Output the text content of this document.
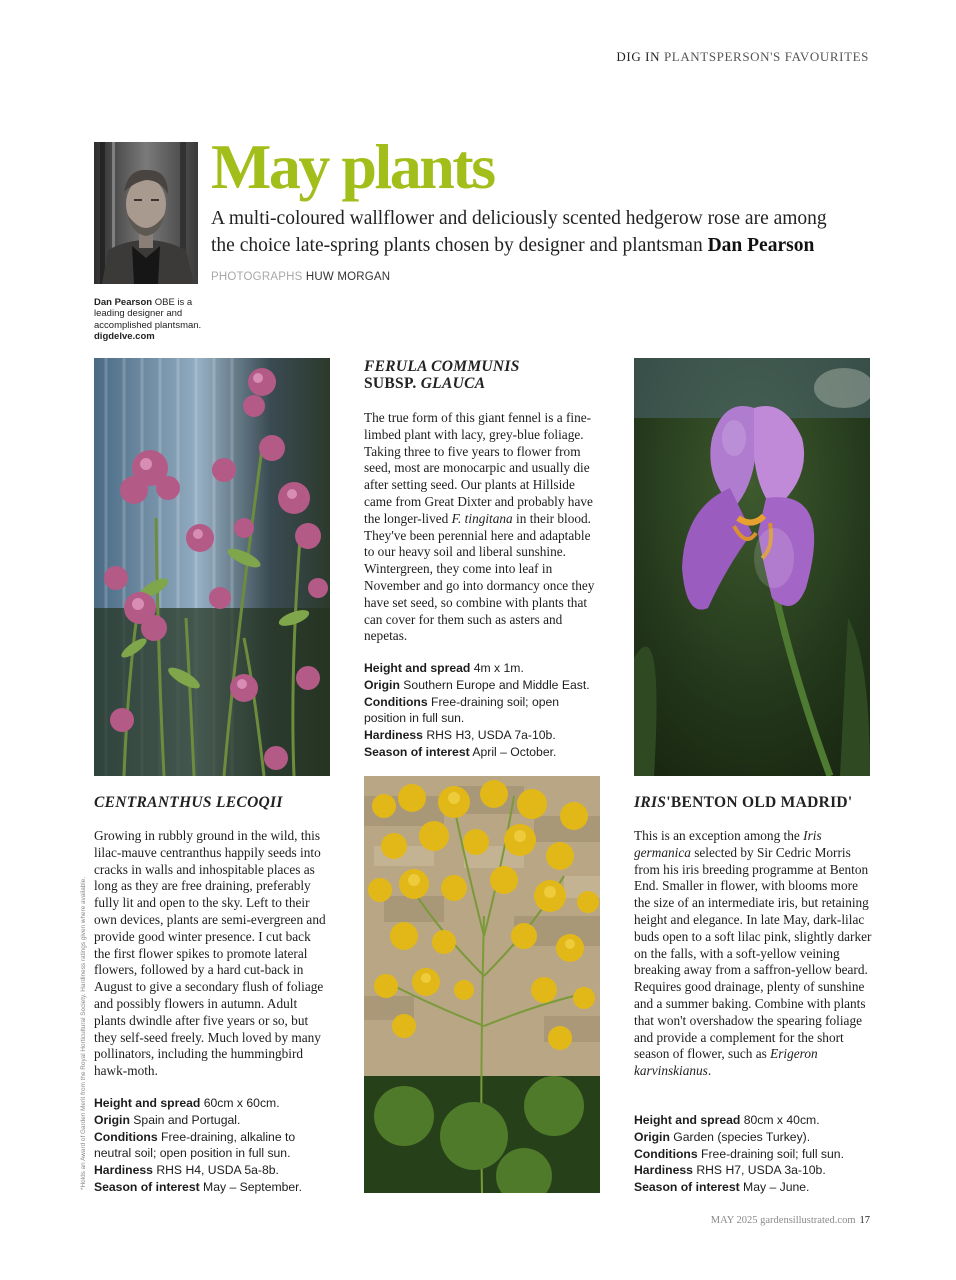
DIG IN PLANTSPERSON'S FAVOURITES
May plants

A multi-coloured wallflower and deliciously scented hedgerow rose are among the choice late-spring plants chosen by designer and plantsman Dan Pearson

PHOTOGRAPHS HUW MORGAN
Dan Pearson OBE is a leading designer and accomplished plantsman.
digdelve.com
FERULA COMMUNIS
SUBSP. GLAUCA

The true form of this giant fennel is a fine-limbed plant with lacy, grey-blue foliage. Taking three to five years to flower from seed, most are monocarpic and usually die after setting seed. Our plants at Hillside came from Great Dixter and probably have the longer-lived F. tingitana in their blood. They've been perennial here and adaptable to our heavy soil and liberal sunshine. Wintergreen, they come into leaf in November and go into dormancy once they have set seed, so combine with plants that can cover for them such as asters and nepetas.

Height and spread 4m x 1m.
Origin Southern Europe and Middle East.
Conditions Free-draining soil; open position in full sun.
Hardiness RHS H3, USDA 7a-10b.
Season of interest April – October.
CENTRANTHUS LECOQII

Growing in rubbly ground in the wild, this lilac-mauve centranthus happily seeds into cracks in walls and inhospitable places as long as they are free draining, preferably fully lit and open to the sky. Left to their own devices, plants are semi-evergreen and provide good winter presence. I cut back the first flower spikes to promote lateral flowers, followed by a hard cut-back in August to give a secondary flush of foliage and possibly flowers in autumn. Adult plants dwindle after five years or so, but they self-seed freely. Much loved by many pollinators, including the hummingbird hawk-moth.

Height and spread 60cm x 60cm.
Origin Spain and Portugal.
Conditions Free-draining, alkaline to neutral soil; open position in full sun.
Hardiness RHS H4, USDA 5a-8b.
Season of interest May – September.
IRIS'BENTON OLD MADRID'

This is an exception among the Iris germanica selected by Sir Cedric Morris from his iris breeding programme at Benton End. Smaller in flower, with blooms more the size of an intermediate iris, but retaining height and elegance. In late May, dark-lilac buds open to a soft lilac pink, slightly darker on the falls, with a soft-yellow veining breaking away from a saffron-yellow beard. Requires good drainage, plenty of sunshine and a summer baking. Combine with plants that won't overshadow the spearing foliage and provide a complement for the short season of flower, such as Erigeron karvinskianus.

Height and spread 80cm x 40cm.
Origin Garden (species Turkey).
Conditions Free-draining soil; full sun.
Hardiness RHS H7, USDA 3a-10b.
Season of interest May – June.
*Holds an Award of Garden Merit from the Royal Horticultural Society. Hardiness ratings given where available.
MAY 2025 gardensillustrated.com 17
